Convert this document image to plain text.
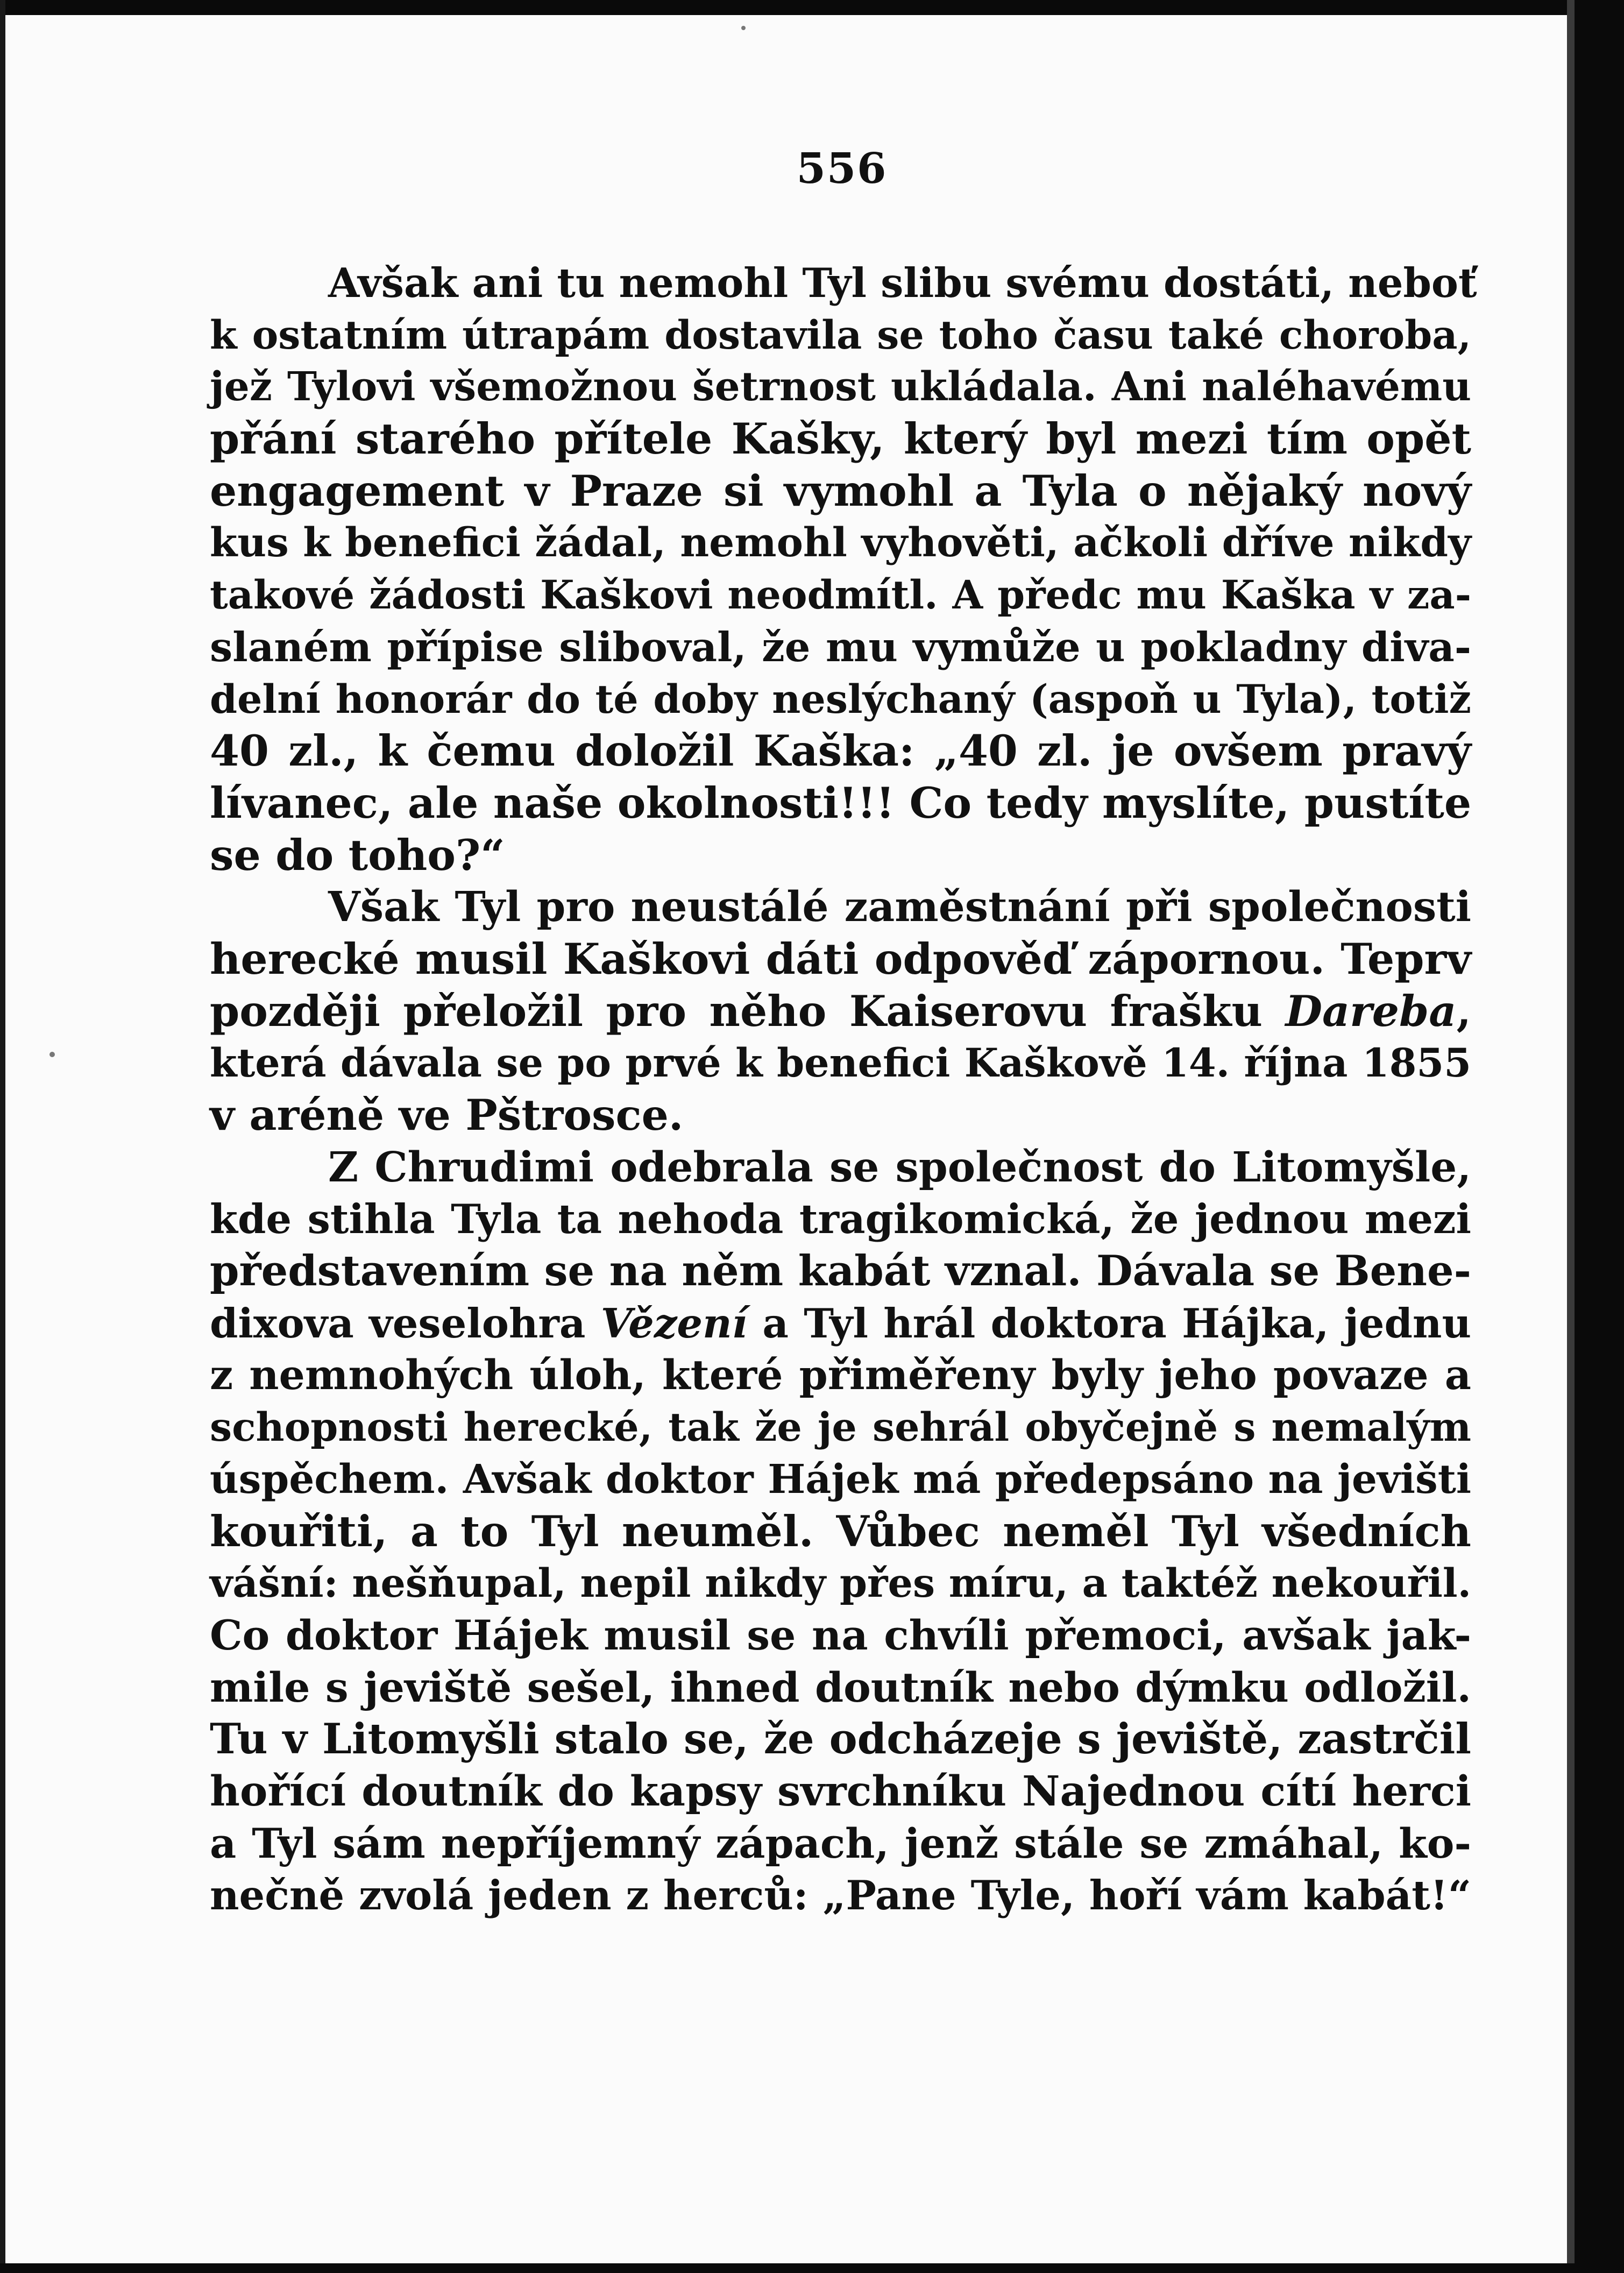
556
Avšak ani tu nemohl Tyl slibu svému dostáti, neboť
k ostatním útrapám dostavila se toho času také choroba,
jež Tylovi všemožnou šetrnost ukládala. Ani naléhavému
přání starého přítele Kašky, který byl mezi tím opět
engagement v Praze si vymohl a Tyla o nějaký nový
kus k benefici žádal, nemohl vyhověti, ačkoli dříve nikdy
takové žádosti Kaškovi neodmítl. A předc mu Kaška v za-
slaném přípise sliboval, že mu vymůže u pokladny diva-
delní honorár do té doby neslýchaný (aspoň u Tyla), totiž
40 zl., k čemu doložil Kaška: „40 zl. je ovšem pravý
lívanec, ale naše okolnosti!!! Co tedy myslíte, pustíte
se do toho?“
Však Tyl pro neustálé zaměstnání při společnosti
herecké musil Kaškovi dáti odpověď zápornou. Teprv
později přeložil pro něho Kaiserovu frašku Dareba,
která dávala se po prvé k benefici Kaškově 14. října 1855
v aréně ve Pštrosce.
Z Chrudimi odebrala se společnost do Litomyšle,
kde stihla Tyla ta nehoda tragikomická, že jednou mezi
představením se na něm kabát vznal. Dávala se Bene-
dixova veselohra Vězení a Tyl hrál doktora Hájka, jednu
z nemnohých úloh, které přiměřeny byly jeho povaze a
schopnosti herecké, tak že je sehrál obyčejně s nemalým
úspěchem. Avšak doktor Hájek má předepsáno na jevišti
kouřiti, a to Tyl neuměl. Vůbec neměl Tyl všedních
vášní: nešňupal, nepil nikdy přes míru, a taktéž nekouřil.
Co doktor Hájek musil se na chvíli přemoci, avšak jak-
mile s jeviště sešel, ihned doutník nebo dýmku odložil.
Tu v Litomyšli stalo se, že odcházeje s jeviště, zastrčil
hořící doutník do kapsy svrchníku Najednou cítí herci
a Tyl sám nepříjemný zápach, jenž stále se zmáhal, ko-
nečně zvolá jeden z herců: „Pane Tyle, hoří vám kabát!“
